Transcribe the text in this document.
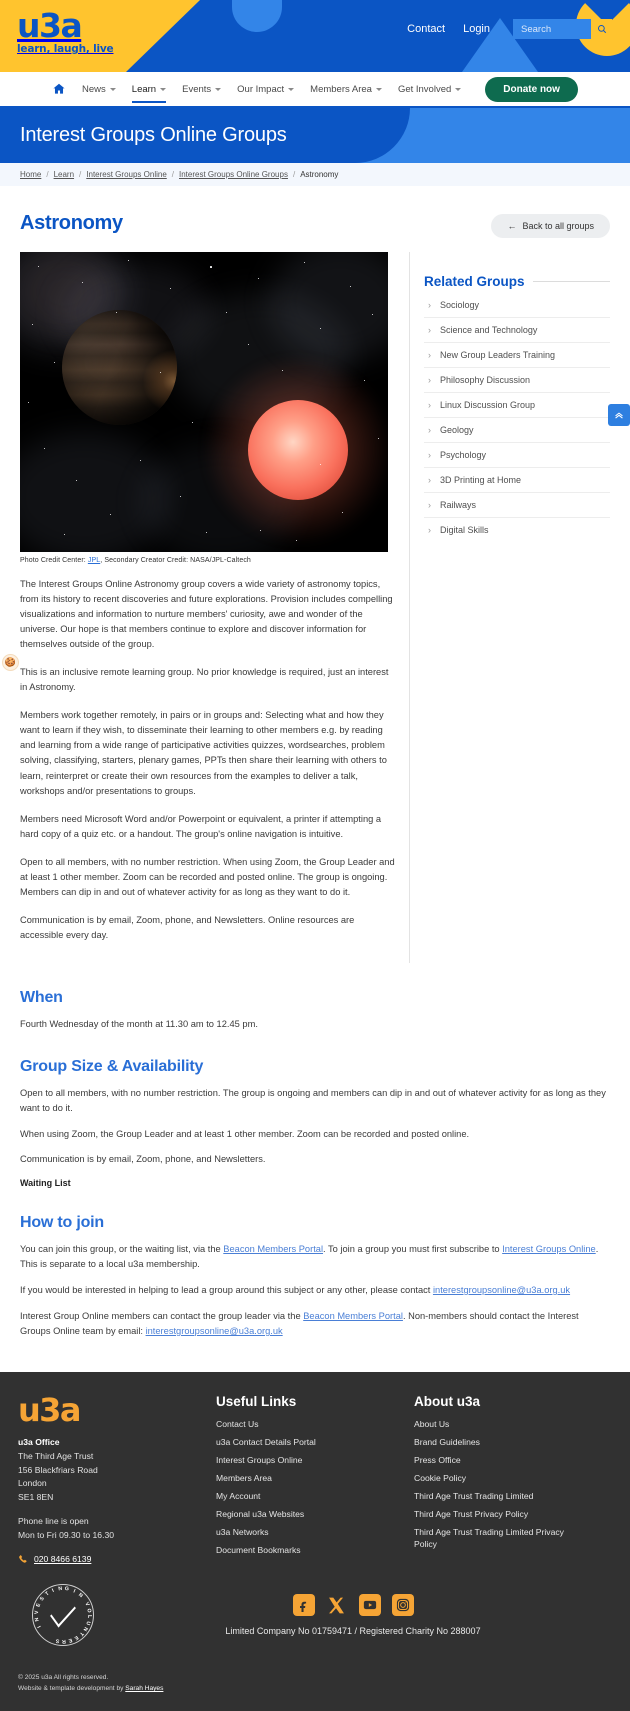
u3a
learn, laugh, live
Contact Login
Search
News	Learn	Events	Our Impact	Members Area	Get Involved	Donate now
Interest Groups Online Groups
Home / Learn / Interest Groups Online / Interest Groups Online Groups / Astronomy
🍪
Astronomy	← Back to all groups
Photo Credit Center: JPL, Secondary Creator Credit: NASA/JPL-Caltech

The Interest Groups Online Astronomy group covers a wide variety of astronomy topics, from its history to recent discoveries and future explorations. Provision includes compelling visualizations and information to nurture members' curiosity, awe and wonder of the universe. Our hope is that members continue to explore and discover information for themselves outside of the group.

This is an inclusive remote learning group. No prior knowledge is required, just an interest in Astronomy.

Members work together remotely, in pairs or in groups and: Selecting what and how they want to learn if they wish, to disseminate their learning to other members e.g. by reading and learning from a wide range of participative activities quizzes, wordsearches, problem solving, classifying, starters, plenary games, PPTs then share their learning with others to learn, reinterpret or create their own resources from the examples to deliver a talk, workshops and/or presentations to groups.

Members need Microsoft Word and/or Powerpoint or equivalent, a printer if attempting a hard copy of a quiz etc. or a handout. The group's online navigation is intuitive.

Open to all members, with no number restriction. When using Zoom, the Group Leader and at least 1 other member. Zoom can be recorded and posted online. The group is ongoing. Members can dip in and out of whatever activity for as long as they want to do it.

Communication is by email, Zoom, phone, and Newsletters. Online resources are accessible every day.

Related Groups
› Sociology
› Science and Technology
› New Group Leaders Training
› Philosophy Discussion
› Linux Discussion Group
› Geology
› Psychology
› 3D Printing at Home
› Railways
› Digital Skills
When

Fourth Wednesday of the month at 11.30 am to 12.45 pm.

Group Size & Availability

Open to all members, with no number restriction. The group is ongoing and members can dip in and out of whatever activity for as long as they want to do it.

When using Zoom, the Group Leader and at least 1 other member. Zoom can be recorded and posted online.

Communication is by email, Zoom, phone, and Newsletters.

Waiting List

How to join

You can join this group, or the waiting list, via the Beacon Members Portal. To join a group you must first subscribe to Interest Groups Online. This is separate to a local u3a membership.

If you would be interested in helping to lead a group around this subject or any other, please contact interestgroupsonline@u3a.org.uk

Interest Group Online members can contact the group leader via the Beacon Members Portal. Non-members should contact the Interest Groups Online team by email: interestgroupsonline@u3a.org.uk

u3a
u3a Office
The Third Age Trust
156 Blackfriars Road
London
SE1 8EN
Phone line is open
Mon to Fri 09.30 to 16.30
020 8466 6139
Useful Links
Contact Us
u3a Contact Details Portal
Interest Groups Online
Members Area
My Account
Regional u3a Websites
u3a Networks
Document Bookmarks
About u3a
About Us
Brand Guidelines
Press Office
Cookie Policy
Third Age Trust Trading Limited
Third Age Trust Privacy Policy
Third Age Trust Trading Limited Privacy Policy
I
N
V
E
S
T I N G I
N
V
O
L
U
N
T
E
E
R
S
Limited Company No 01759471 / Registered Charity No 288007
© 2025 u3a All rights reserved.
Website & template development by Sarah Hayes
